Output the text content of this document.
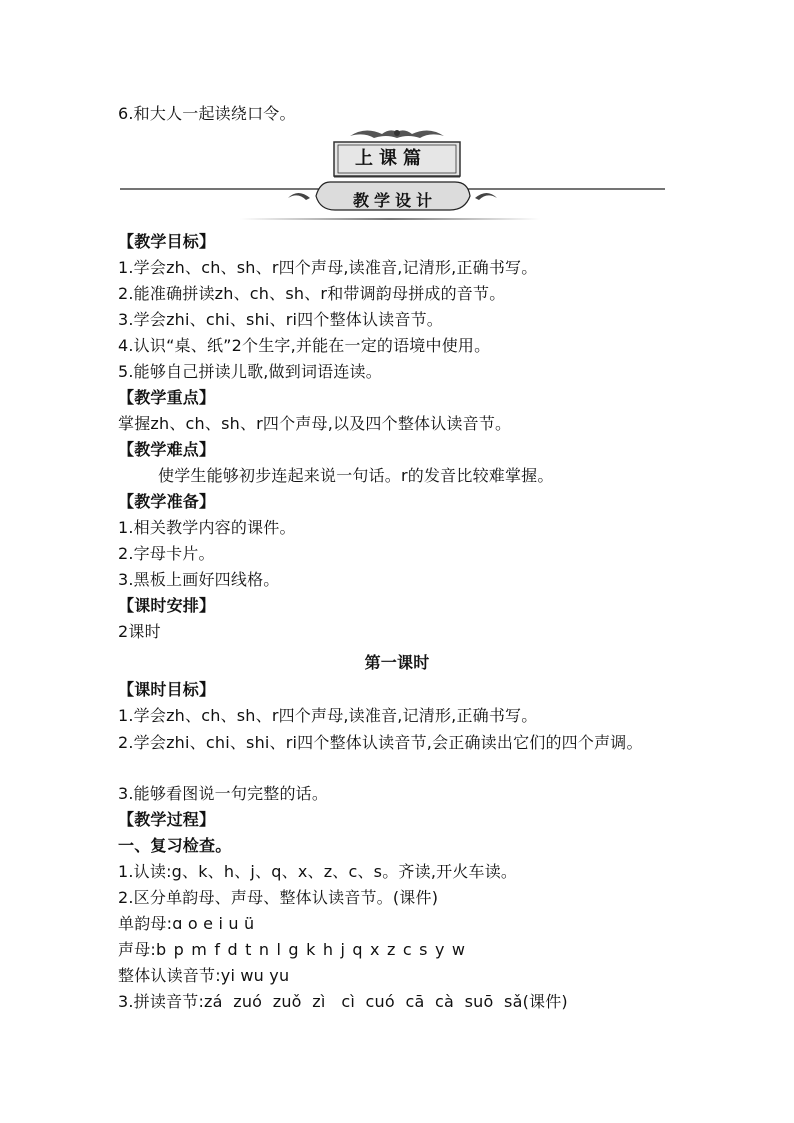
6.和大人一起读绕口令。
上课篇
教学设计
【教学目标】
1.学会zh、ch、sh、r四个声母,读准音,记清形,正确书写。
2.能准确拼读zh、ch、sh、r和带调韵母拼成的音节。
3.学会zhi、chi、shi、ri四个整体认读音节。
4.认识“桌、纸”2个生字,并能在一定的语境中使用。
5.能够自己拼读儿歌,做到词语连读。
【教学重点】
掌握zh、ch、sh、r四个声母,以及四个整体认读音节。
【教学难点】
使学生能够初步连起来说一句话。r的发音比较难掌握。
【教学准备】
1.相关教学内容的课件。
2.字母卡片。
3.黑板上画好四线格。
【课时安排】
2课时
第一课时
【课时目标】
1.学会zh、ch、sh、r四个声母,读准音,记清形,正确书写。
2.学会zhi、chi、shi、ri四个整体认读音节,会正确读出它们的四个声调。
3.能够看图说一句完整的话。
【教学过程】
一、复习检查。
1.认读:g、k、h、j、q、x、z、c、s。齐读,开火车读。
2.区分单韵母、声母、整体认读音节。(课件)
单韵母:ɑ o e i u ü
声母:b p m f d t n l g k h j q x z c s y w
整体认读音节:yi wu yu
3.拼读音节:zá  zuó  zuǒ  zì   cì  cuó  cā  cà  suō  sǎ(课件)
